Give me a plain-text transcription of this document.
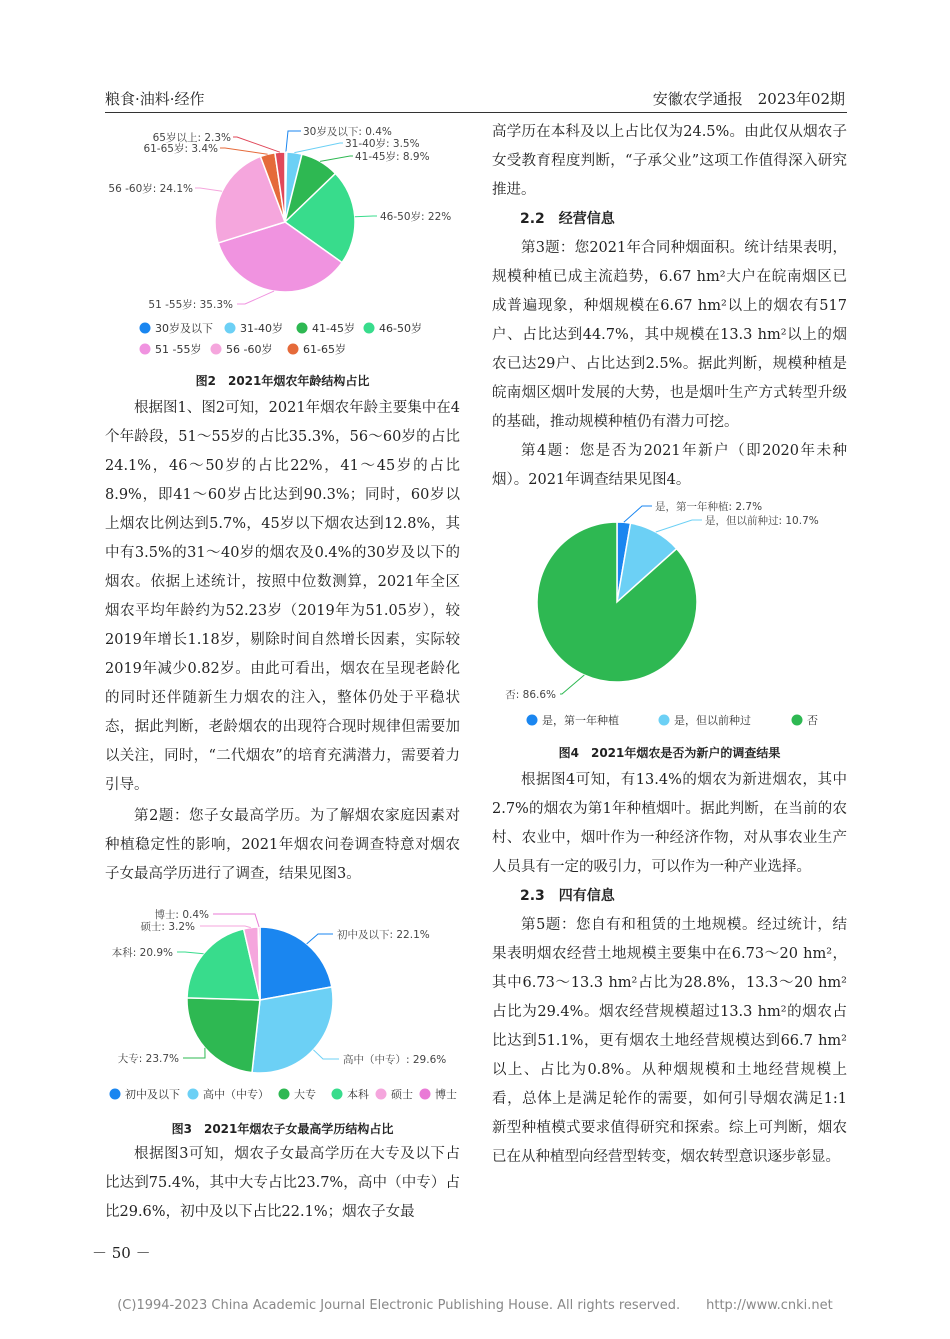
粮食·油料·经作	安徽农学通报　2023年02期
30岁及以下: 0.4%
31-40岁: 3.5%
41-45岁: 8.9%
46-50岁: 22%
51 -55岁: 35.3%
56 -60岁: 24.1%
61-65岁: 3.4%
65岁以上: 2.3%
30岁及以下 31-40岁	41-45岁 46-50岁
51 -55岁 56 -60岁	61-65岁
图2　2021年烟农年龄结构占比

根据图1、图2可知，2021年烟农年龄主要集中在4个年龄段，51～55岁的占比35.3%，56～60岁的占比24.1%，46～50岁的占比22%，41～45岁的占比8.9%，即41～60岁占比达到90.3%；同时，60岁以上烟农比例达到5.7%，45岁以下烟农达到12.8%，其中有3.5%的31～40岁的烟农及0.4%的30岁及以下的烟农。依据上述统计，按照中位数测算，2021年全区烟农平均年龄约为52.23岁（2019年为51.05岁），较2019年增长1.18岁，剔除时间自然增长因素，实际较2019年减少0.82岁。由此可看出，烟农在呈现老龄化的同时还伴随新生力烟农的注入，整体仍处于平稳状态，据此判断，老龄烟农的出现符合现时规律但需要加以关注，同时，“二代烟农”的培育充满潜力，需要着力引导。

第2题：您子女最高学历。为了解烟农家庭因素对种植稳定性的影响，2021年烟农问卷调查特意对烟农子女最高学历进行了调查，结果见图3。

初中及以下: 22.1%
高中（中专）: 29.6%
大专: 23.7%
本科: 20.9%
硕士: 3.2%
博士: 0.4%
初中及以下 高中（中专） 大专	本科 硕士 博士
图3　2021年烟农子女最高学历结构占比

根据图3可知，烟农子女最高学历在大专及以下占比达到75.4%，其中大专占比23.7%，高中（中专）占比29.6%，初中及以下占比22.1%；烟农子女最

高学历在本科及以上占比仅为24.5%。由此仅从烟农子女受教育程度判断，“子承父业”这项工作值得深入研究推进。

2.2　经营信息

第3题：您2021年合同种烟面积。统计结果表明，规模种植已成主流趋势，6.67 hm²大户在皖南烟区已成普遍现象，种烟规模在6.67 hm²以上的烟农有517户、占比达到44.7%，其中规模在13.3 hm²以上的烟农已达29户、占比达到2.5%。据此判断，规模种植是皖南烟区烟叶发展的大势，也是烟叶生产方式转型升级的基础，推动规模种植仍有潜力可挖。

第4题：您是否为2021年新户（即2020年未种烟）。2021年调查结果见图4。

是，第一年种植: 2.7%
是，但以前种过: 10.7%
否: 86.6%
是，第一年种植	是，但以前种过	否
图4　2021年烟农是否为新户的调查结果

根据图4可知，有13.4%的烟农为新进烟农，其中2.7%的烟农为第1年种植烟叶。据此判断，在当前的农村、农业中，烟叶作为一种经济作物，对从事农业生产人员具有一定的吸引力，可以作为一种产业选择。

2.3　四有信息

第5题：您自有和租赁的土地规模。经过统计，结果表明烟农经营土地规模主要集中在6.73～20 hm²，其中6.73～13.3 hm²占比为28.8%，13.3～20 hm²占比为29.4%。烟农经营规模超过13.3 hm²的烟农占比达到51.1%，更有烟农土地经营规模达到66.7 hm²以上、占比为0.8%。从种烟规模和土地经营规模上看，总体上是满足轮作的需要，如何引导烟农满足1:1新型种植模式要求值得研究和探索。综上可判断，烟农已在从种植型向经营型转变，烟农转型意识逐步彰显。

－ 50 －
(C)1994-2023 China Academic Journal Electronic Publishing House. All rights reserved.　　http://www.cnki.net
